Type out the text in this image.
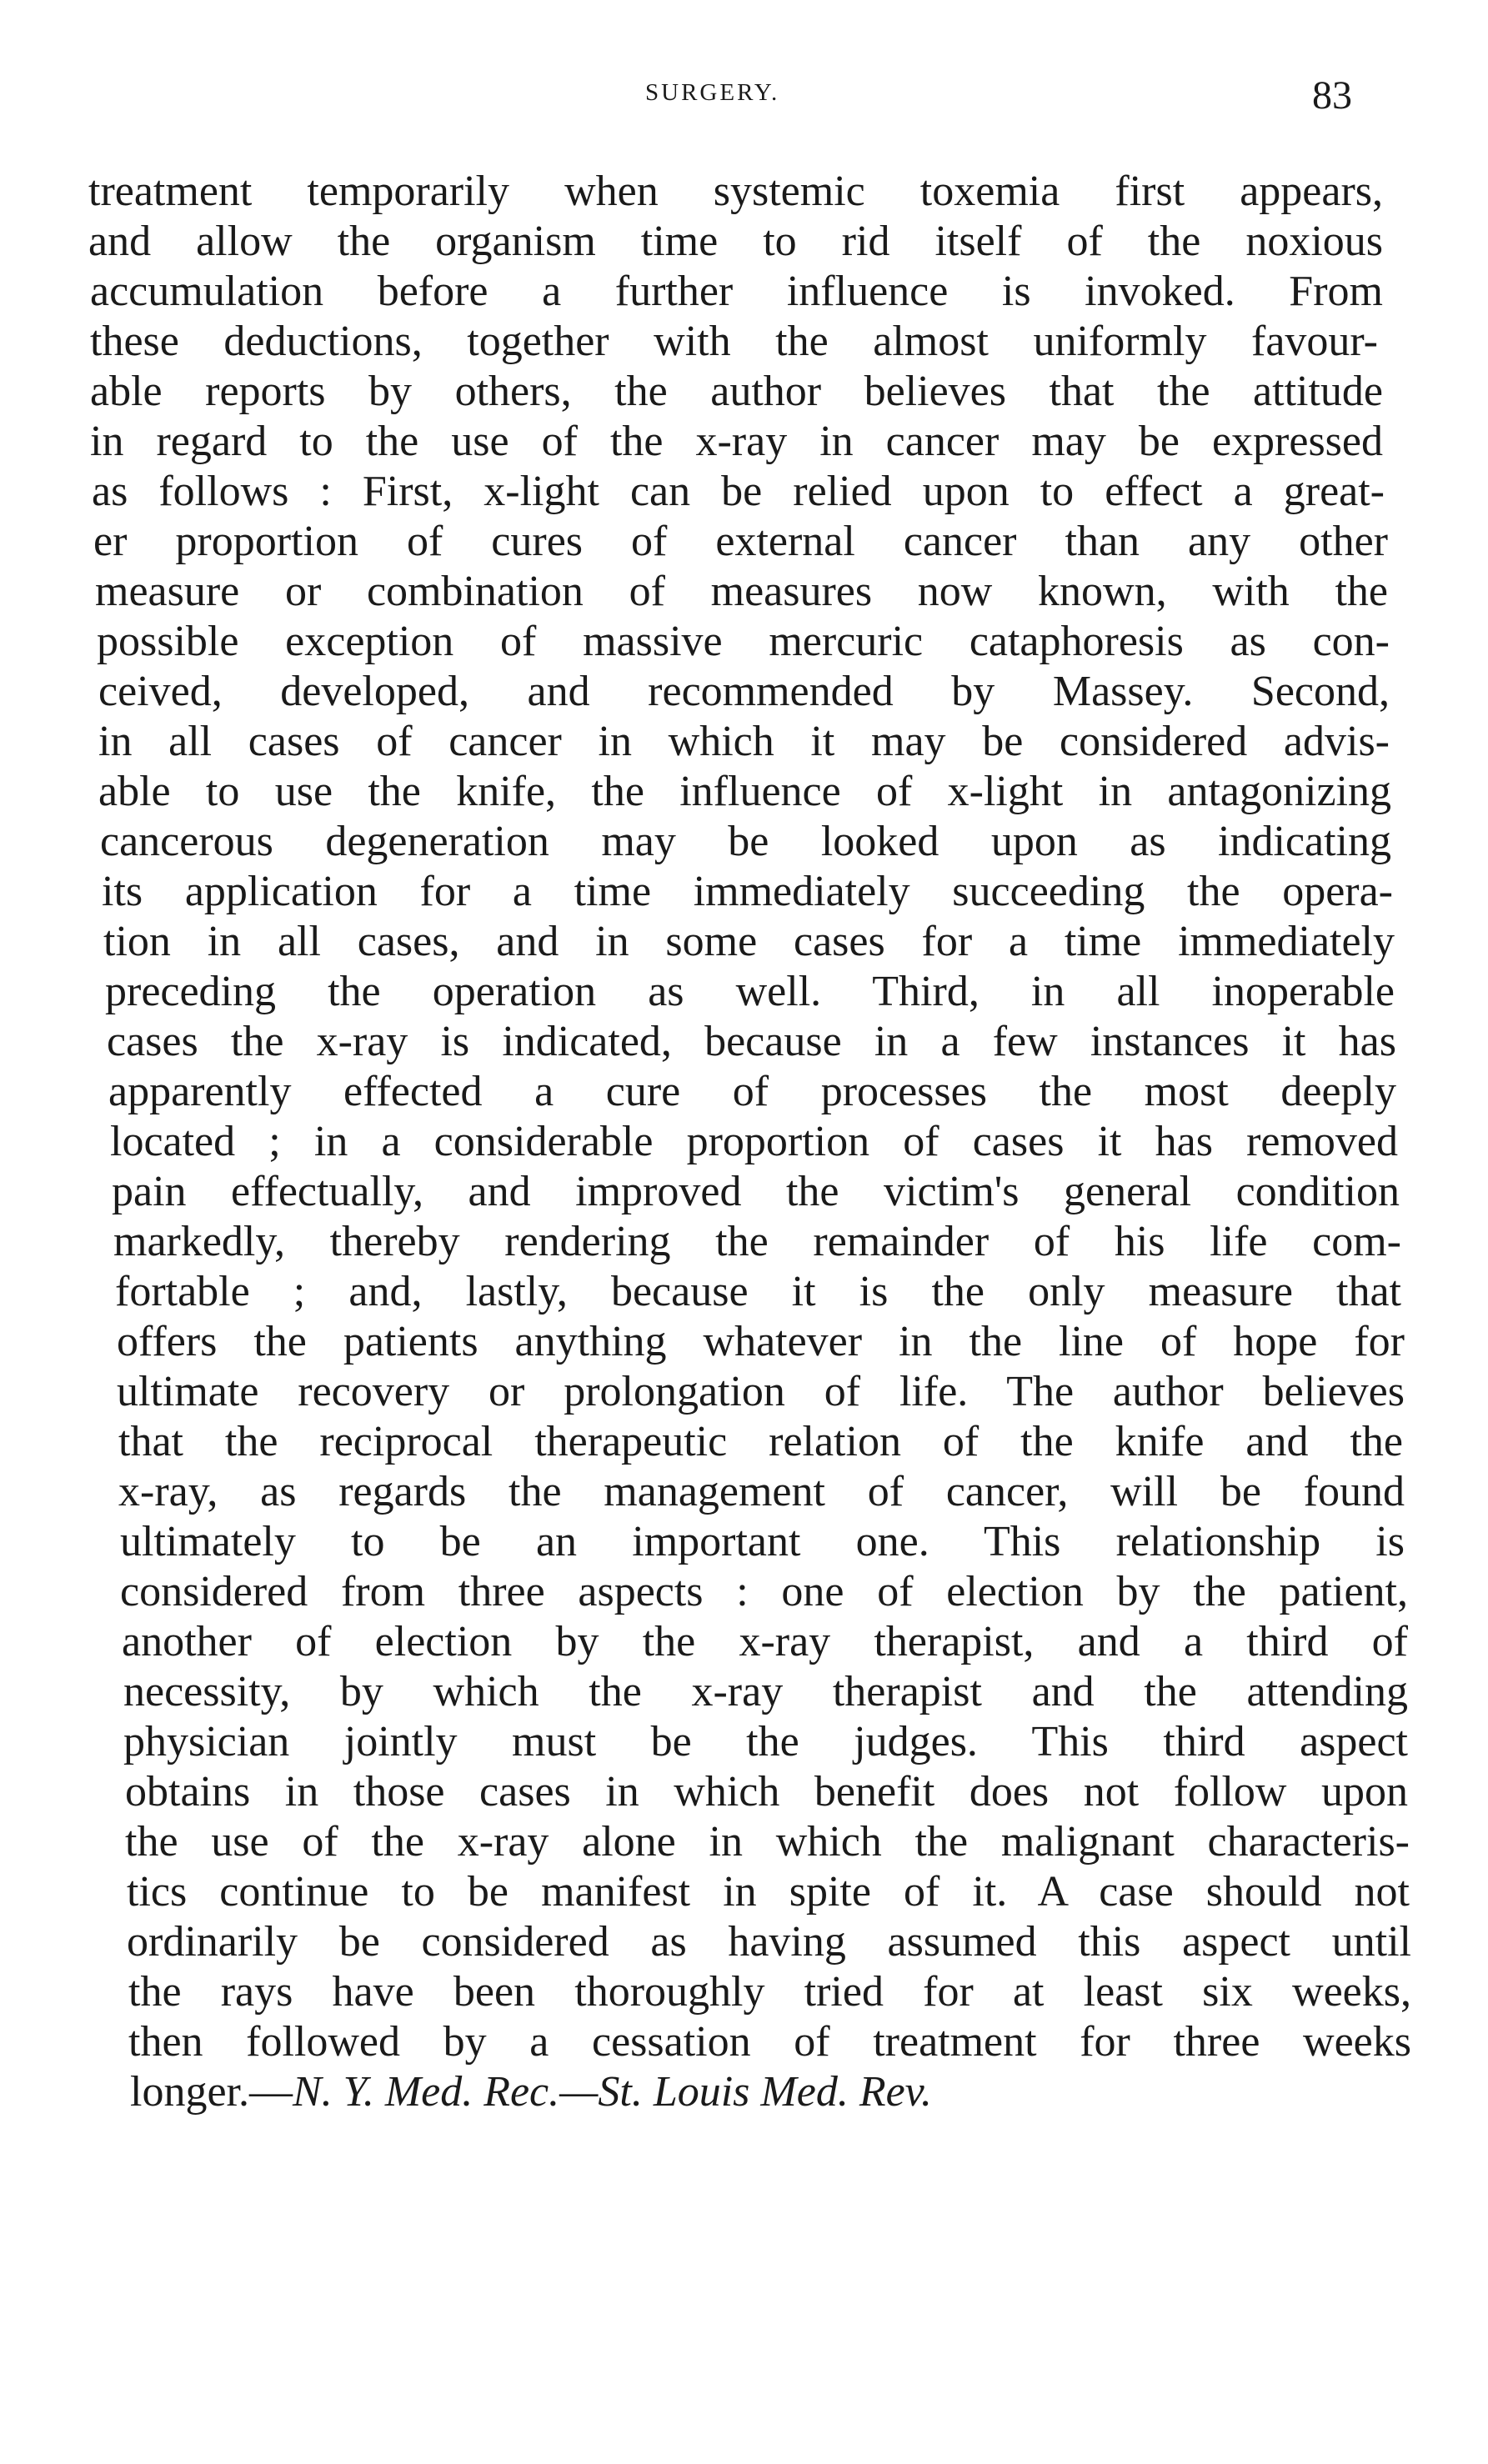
SURGERY.	83
treatment temporarily when systemic toxemia first appears,
and allow the organism time to rid itself of the noxious
accumulation before a further influence is invoked. From
these deductions, together with the almost uniformly favour-
able reports by others, the author believes that the attitude
in regard to the use of the x-ray in cancer may be expressed
as follows : First, x-light can be relied upon to effect a great-
er proportion of cures of external cancer than any other
measure or combination of measures now known, with the
possible exception of massive mercuric cataphoresis as con-
ceived, developed, and recommended by Massey. Second,
in all cases of cancer in which it may be considered advis-
able to use the knife, the influence of x-light in antagonizing
cancerous degeneration may be looked upon as indicating
its application for a time immediately succeeding the opera-
tion in all cases, and in some cases for a time immediately
preceding the operation as well. Third, in all inoperable
cases the x-ray is indicated, because in a few instances it has
apparently effected a cure of processes the most deeply
located ; in a considerable proportion of cases it has removed
pain effectually, and improved the victim's general condition
markedly, thereby rendering the remainder of his life com-
fortable ; and, lastly, because it is the only measure that
offers the patients anything whatever in the line of hope for
ultimate recovery or prolongation of life. The author believes
that the reciprocal therapeutic relation of the knife and the
x-ray, as regards the management of cancer, will be found
ultimately to be an important one. This relationship is
considered from three aspects : one of election by the patient,
another of election by the x-ray therapist, and a third of
necessity, by which the x-ray therapist and the attending
physician jointly must be the judges. This third aspect
obtains in those cases in which benefit does not follow upon
the use of the x-ray alone in which the malignant characteris-
tics continue to be manifest in spite of it. A case should not
ordinarily be considered as having assumed this aspect until
the rays have been thoroughly tried for at least six weeks,
then followed by a cessation of treatment for three weeks
longer.—N. Y. Med. Rec.—St. Louis Med. Rev.
